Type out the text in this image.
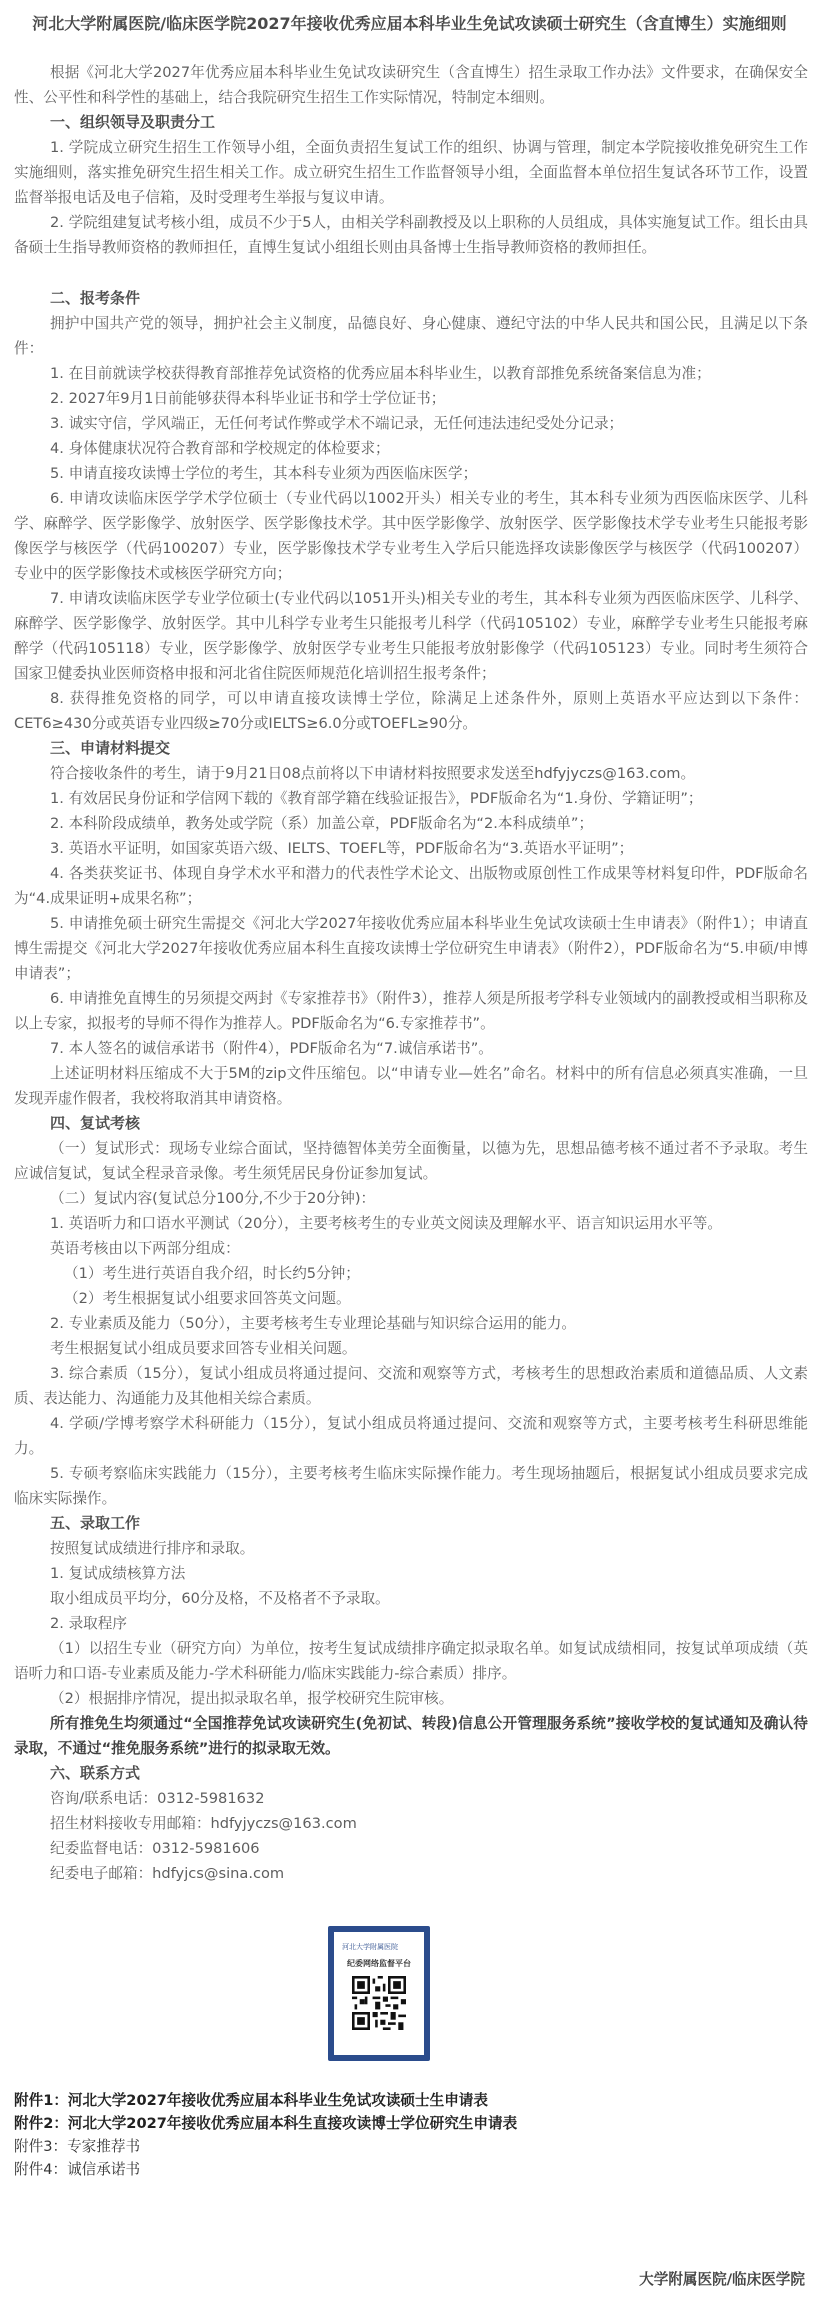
河北大学附属医院/临床医学院2027年接收优秀应届本科毕业生免试攻读硕士研究生（含直博生）实施细则
根据《河北大学2027年优秀应届本科毕业生免试攻读研究生（含直博生）招生录取工作办法》文件要求，在确保安全性、公平性和科学性的基础上，结合我院研究生招生工作实际情况，特制定本细则。
一、组织领导及职责分工
1. 学院成立研究生招生工作领导小组，全面负责招生复试工作的组织、协调与管理，制定本学院接收推免研究生工作实施细则，落实推免研究生招生相关工作。成立研究生招生工作监督领导小组，全面监督本单位招生复试各环节工作，设置监督举报电话及电子信箱，及时受理考生举报与复议申请。
2. 学院组建复试考核小组，成员不少于5人，由相关学科副教授及以上职称的人员组成，具体实施复试工作。组长由具备硕士生指导教师资格的教师担任，直博生复试小组组长则由具备博士生指导教师资格的教师担任。
二、报考条件
拥护中国共产党的领导，拥护社会主义制度，品德良好、身心健康、遵纪守法的中华人民共和国公民，且满足以下条件：
1. 在目前就读学校获得教育部推荐免试资格的优秀应届本科毕业生，以教育部推免系统备案信息为准；
2. 2027年9月1日前能够获得本科毕业证书和学士学位证书；
3. 诚实守信，学风端正，无任何考试作弊或学术不端记录，无任何违法违纪受处分记录；
4. 身体健康状况符合教育部和学校规定的体检要求；
5. 申请直接攻读博士学位的考生，其本科专业须为西医临床医学；
6. 申请攻读临床医学学术学位硕士（专业代码以1002开头）相关专业的考生，其本科专业须为西医临床医学、儿科学、麻醉学、医学影像学、放射医学、医学影像技术学。其中医学影像学、放射医学、医学影像技术学专业考生只能报考影像医学与核医学（代码100207）专业，医学影像技术学专业考生入学后只能选择攻读影像医学与核医学（代码100207）专业中的医学影像技术或核医学研究方向；
7. 申请攻读临床医学专业学位硕士(专业代码以1051开头)相关专业的考生，其本科专业须为西医临床医学、儿科学、麻醉学、医学影像学、放射医学。其中儿科学专业考生只能报考儿科学（代码105102）专业，麻醉学专业考生只能报考麻醉学（代码105118）专业，医学影像学、放射医学专业考生只能报考放射影像学（代码105123）专业。同时考生须符合国家卫健委执业医师资格申报和河北省住院医师规范化培训招生报考条件；
8. 获得推免资格的同学，可以申请直接攻读博士学位，除满足上述条件外，原则上英语水平应达到以下条件：CET6≥430分或英语专业四级≥70分或IELTS≥6.0分或TOEFL≥90分。
三、申请材料提交
符合接收条件的考生，请于9月21日08点前将以下申请材料按照要求发送至hdfyjyczs@163.com。
1. 有效居民身份证和学信网下载的《教育部学籍在线验证报告》，PDF版命名为“1.身份、学籍证明”；
2. 本科阶段成绩单，教务处或学院（系）加盖公章，PDF版命名为“2.本科成绩单”；
3. 英语水平证明，如国家英语六级、IELTS、TOEFL等，PDF版命名为“3.英语水平证明”；
4. 各类获奖证书、体现自身学术水平和潜力的代表性学术论文、出版物或原创性工作成果等材料复印件，PDF版命名为“4.成果证明+成果名称”；
5. 申请推免硕士研究生需提交《河北大学2027年接收优秀应届本科毕业生免试攻读硕士生申请表》（附件1）；申请直博生需提交《河北大学2027年接收优秀应届本科生直接攻读博士学位研究生申请表》（附件2），PDF版命名为“5.申硕/申博申请表”；
6. 申请推免直博生的另须提交两封《专家推荐书》（附件3），推荐人须是所报考学科专业领域内的副教授或相当职称及以上专家，拟报考的导师不得作为推荐人。PDF版命名为“6.专家推荐书”。
7. 本人签名的诚信承诺书（附件4），PDF版命名为“7.诚信承诺书”。
上述证明材料压缩成不大于5M的zip文件压缩包。以“申请专业—姓名”命名。材料中的所有信息必须真实准确，一旦发现弄虚作假者，我校将取消其申请资格。
四、复试考核
（一）复试形式：现场专业综合面试，坚持德智体美劳全面衡量，以德为先，思想品德考核不通过者不予录取。考生应诚信复试，复试全程录音录像。考生须凭居民身份证参加复试。
（二）复试内容(复试总分100分,不少于20分钟)：
1. 英语听力和口语水平测试（20分），主要考核考生的专业英文阅读及理解水平、语言知识运用水平等。
英语考核由以下两部分组成：
（1）考生进行英语自我介绍，时长约5分钟；
（2）考生根据复试小组要求回答英文问题。
2. 专业素质及能力（50分），主要考核考生专业理论基础与知识综合运用的能力。
考生根据复试小组成员要求回答专业相关问题。
3. 综合素质（15分），复试小组成员将通过提问、交流和观察等方式，考核考生的思想政治素质和道德品质、人文素质、表达能力、沟通能力及其他相关综合素质。
4. 学硕/学博考察学术科研能力（15分），复试小组成员将通过提问、交流和观察等方式，主要考核考生科研思维能力。
5. 专硕考察临床实践能力（15分），主要考核考生临床实际操作能力。考生现场抽题后，根据复试小组成员要求完成临床实际操作。
五、录取工作
按照复试成绩进行排序和录取。
1. 复试成绩核算方法
取小组成员平均分，60分及格，不及格者不予录取。
2. 录取程序
（1）以招生专业（研究方向）为单位，按考生复试成绩排序确定拟录取名单。如复试成绩相同，按复试单项成绩（英语听力和口语-专业素质及能力-学术科研能力/临床实践能力-综合素质）排序。
（2）根据排序情况，提出拟录取名单，报学校研究生院审核。
所有推免生均须通过“全国推荐免试攻读研究生(免初试、转段)信息公开管理服务系统”接收学校的复试通知及确认待录取，不通过“推免服务系统”进行的拟录取无效。
六、联系方式
咨询/联系电话：0312-5981632
招生材料接收专用邮箱：hdfyjyczs@163.com
纪委监督电话：0312-5981606
纪委电子邮箱：hdfyjcs@sina.com
河北大学附属医院
纪委网络监督平台
附件1：河北大学2027年接收优秀应届本科毕业生免试攻读硕士生申请表
附件2：河北大学2027年接收优秀应届本科生直接攻读博士学位研究生申请表
附件3：专家推荐书
附件4：诚信承诺书
大学附属医院/临床医学院
